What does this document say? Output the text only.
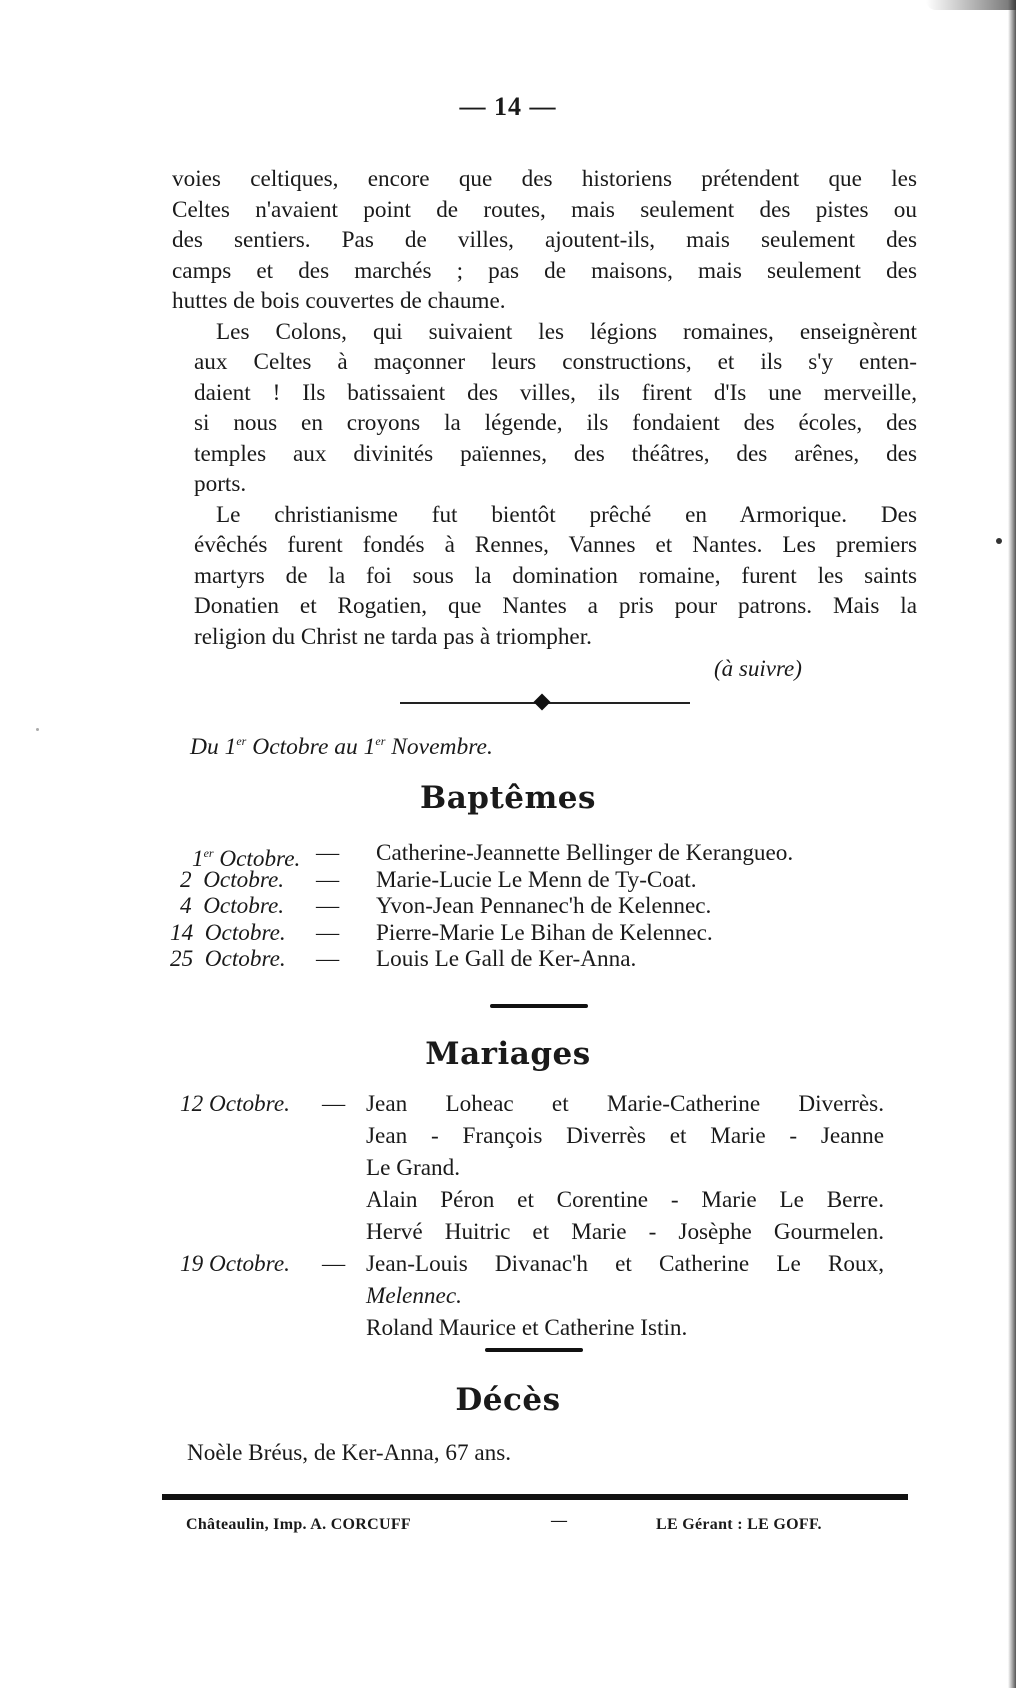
— 14 —

voies celtiques, encore que des historiens prétendent que les
Celtes n'avaient point de routes, mais seulement des pistes ou
des sentiers. Pas de villes, ajoutent-ils, mais seulement des
camps et des marchés ; pas de maisons, mais seulement des
huttes de bois couvertes de chaume.

Les Colons, qui suivaient les légions romaines, enseignèrent
aux Celtes à maçonner leurs constructions, et ils s'y enten-
daient ! Ils batissaient des villes, ils firent d'Is une merveille,
si nous en croyons la légende, ils fondaient des écoles, des
temples aux divinités païennes, des théâtres, des arênes, des
ports.

Le christianisme fut bientôt prêché en Armorique. Des
évêchés furent fondés à Rennes, Vannes et Nantes. Les premiers
martyrs de la foi sous la domination romaine, furent les saints
Donatien et Rogatien, que Nantes a pris pour patrons. Mais la
religion du Christ ne tarda pas à triompher.

(à suivre)
Du 1er Octobre au 1er Novembre.
Baptêmes
1er Octobre. — Catherine-Jeannette Bellinger de Kerangueo.
2 Octobre. — Marie-Lucie Le Menn de Ty-Coat.
4 Octobre. — Yvon-Jean Pennanec'h de Kelennec.
14 Octobre. — Pierre-Marie Le Bihan de Kelennec.
25 Octobre. — Louis Le Gall de Ker-Anna.
Mariages
12 Octobre. — Jean Loheac et Marie-Catherine Diverrès.
Jean - François Diverrès et Marie - Jeanne
Le Grand.
Alain Péron et Corentine - Marie Le Berre.
Hervé Huitric et Marie - Josèphe Gourmelen.
19 Octobre. — Jean-Louis Divanac'h et Catherine Le Roux,
Melennec.
Roland Maurice et Catherine Istin.
Décès
Noèle Bréus, de Ker-Anna, 67 ans.
Châteaulin, Imp. A. CORCUFF	—	LE Gérant : LE GOFF.
